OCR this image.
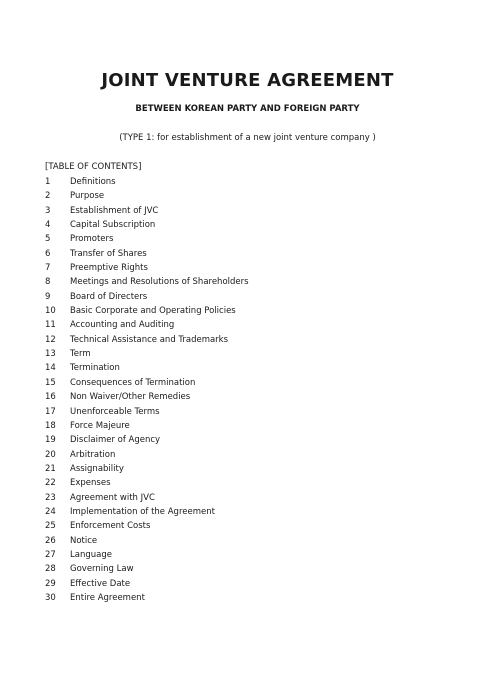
JOINT VENTURE AGREEMENT
BETWEEN KOREAN PARTY AND FOREIGN PARTY
(TYPE 1: for establishment of a new joint venture company )
[TABLE OF CONTENTS]
1 Definitions
2 Purpose
3 Establishment of JVC
4 Capital Subscription
5 Promoters
6 Transfer of Shares
7 Preemptive Rights
8 Meetings and Resolutions of Shareholders
9 Board of Directers
10 Basic Corporate and Operating Policies
11 Accounting and Auditing
12 Technical Assistance and Trademarks
13 Term
14 Termination
15 Consequences of Termination
16 Non Waiver/Other Remedies
17 Unenforceable Terms
18 Force Majeure
19 Disclaimer of Agency
20 Arbitration
21 Assignability
22 Expenses
23 Agreement with JVC
24 Implementation of the Agreement
25 Enforcement Costs
26 Notice
27 Language
28 Governing Law
29 Effective Date
30 Entire Agreement
